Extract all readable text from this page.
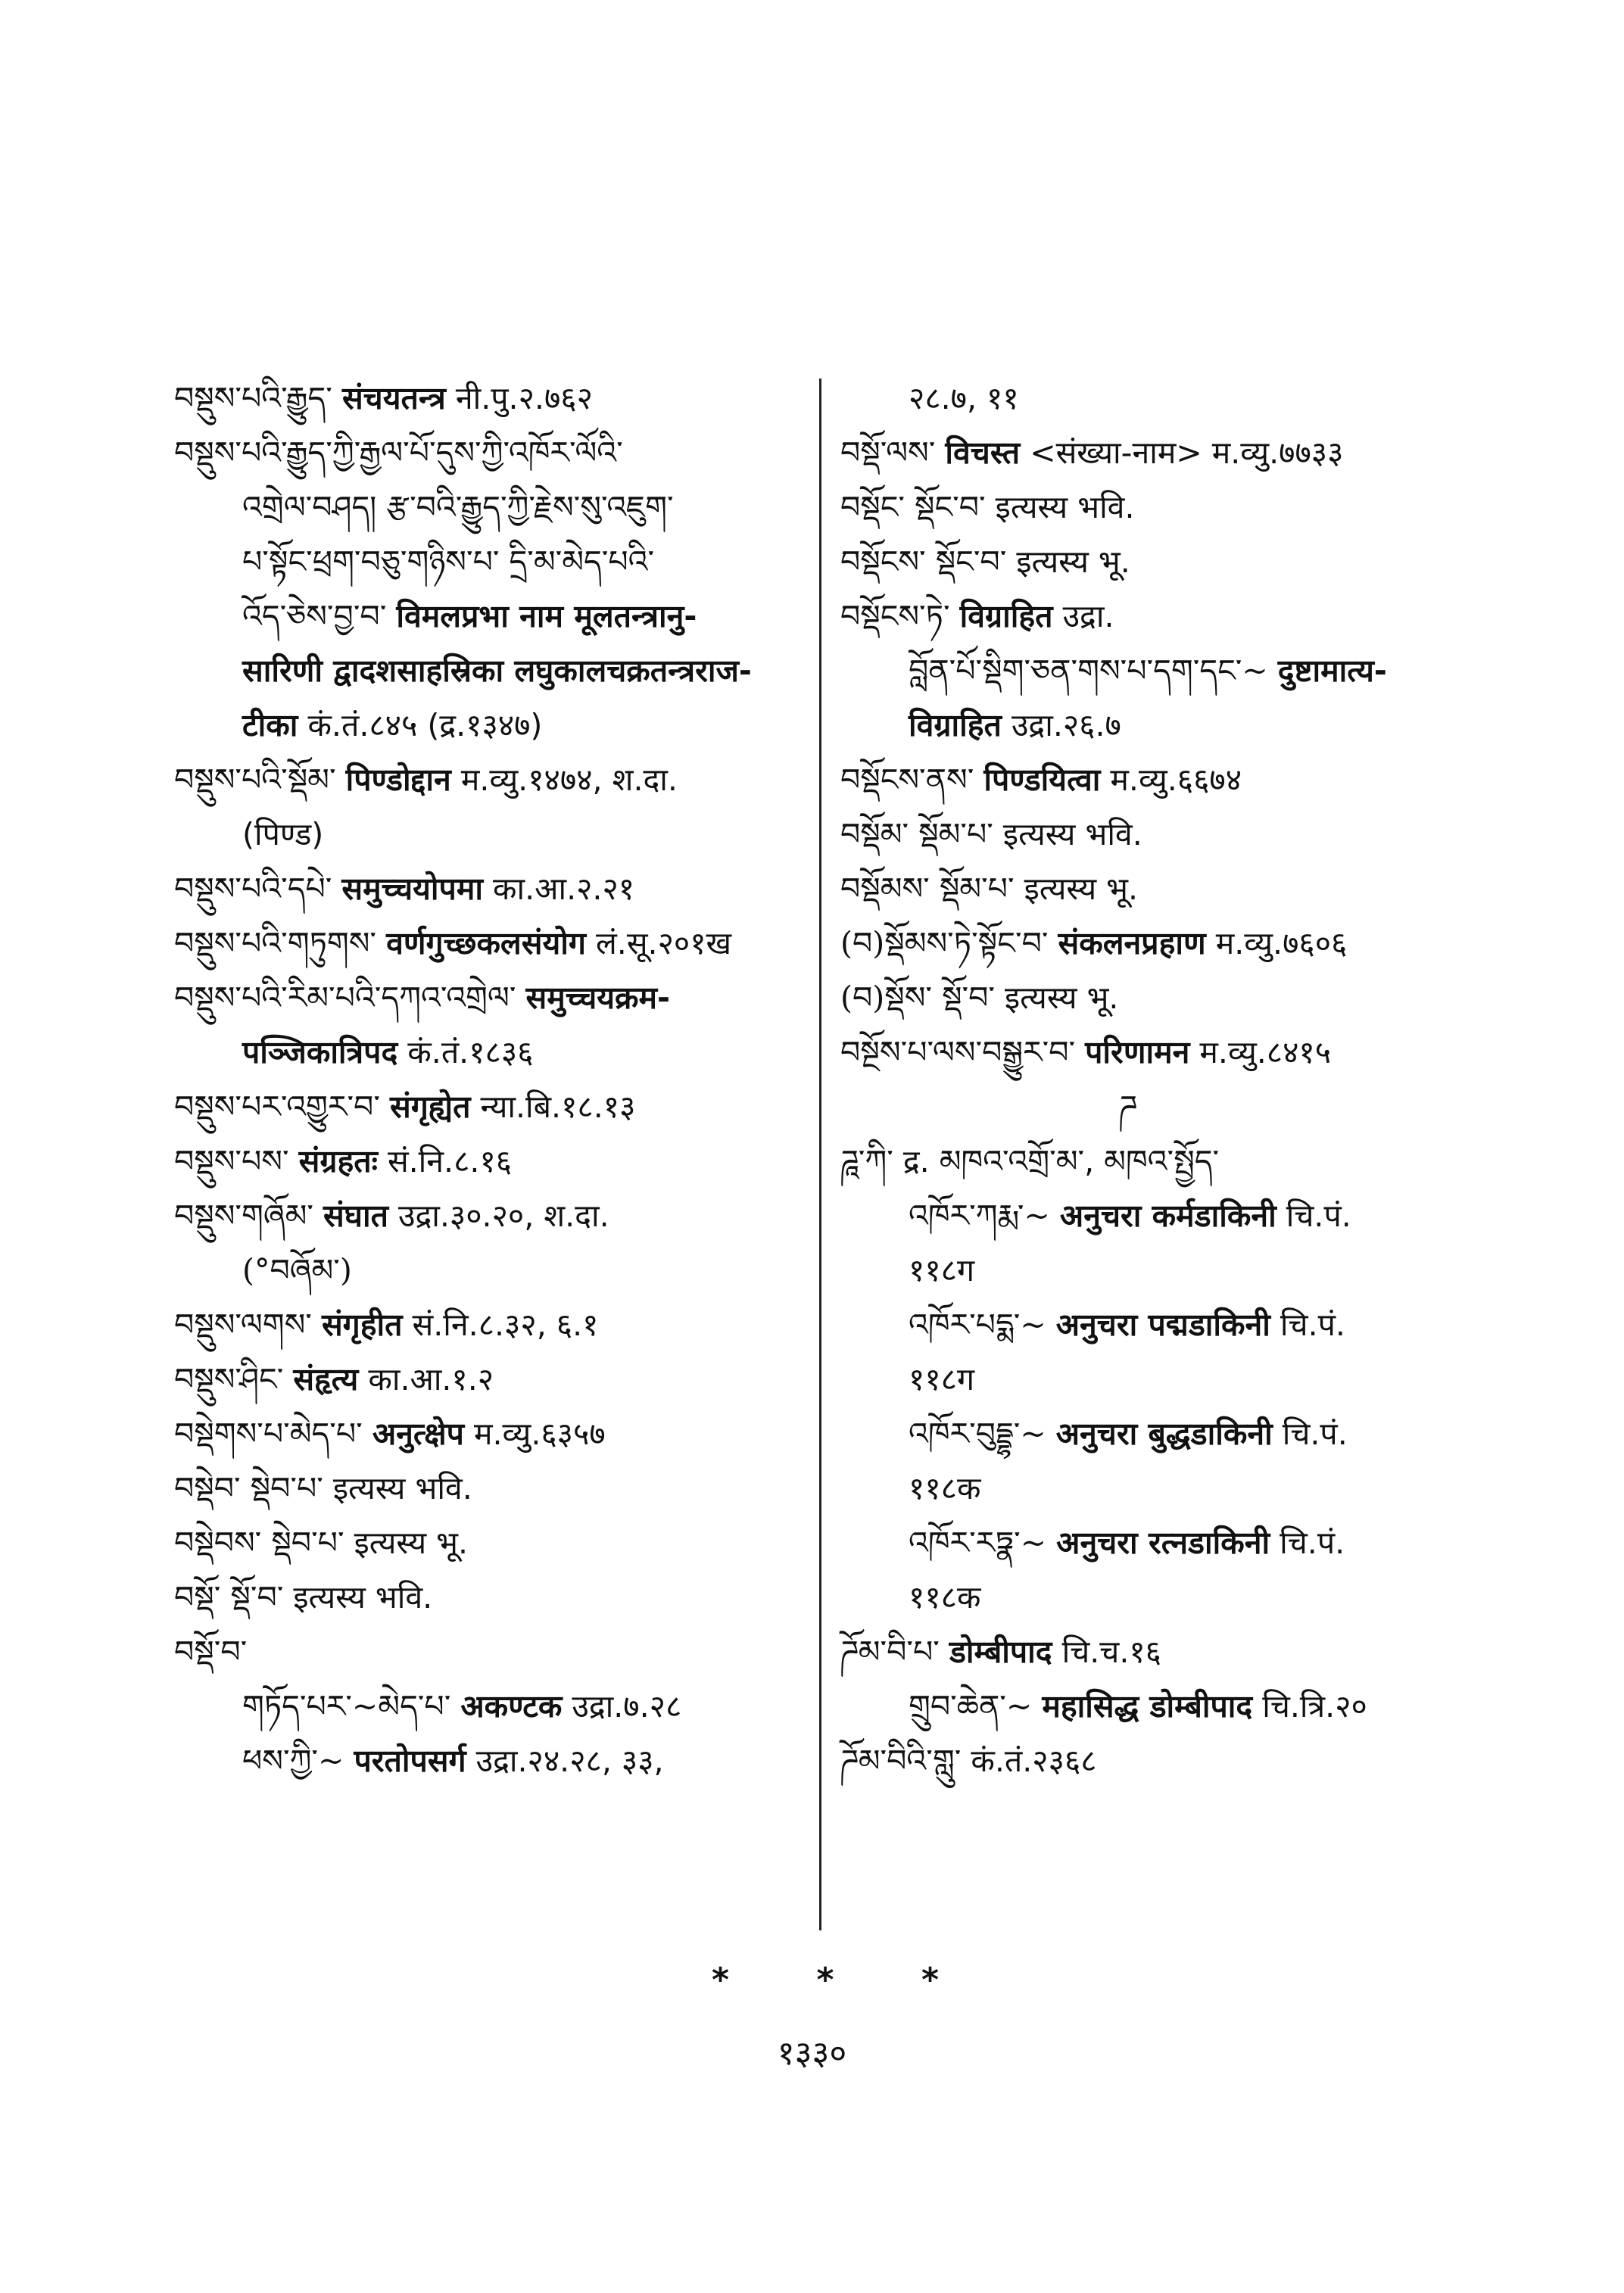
བསྡུས་པའི་རྒྱུད་ संचयतन्त्र नी.पु.२.७६२
བསྡུས་པའི་རྒྱུད་ཀྱི་རྒྱལ་པོ་དུས་ཀྱི་འཁོར་ལོའི་
འགྲེལ་བཤད། རྩ་བའི་རྒྱུད་ཀྱི་རྗེས་སུ་འཇུག་
པ་སྟོང་ཕྲག་བཅུ་གཉིས་པ་ དྲི་མ་མེད་པའི་
འོད་ཅེས་བྱ་བ་ विमलप्रभा नाम मूलतन्त्रानु-
सारिणी द्वादशसाहस्रिका लघुकालचक्रतन्त्रराज-
टीका कं.तं.८४५ (द्र.१३४७)
བསྡུས་པའི་སྡོམ་ पिण्डोद्दान म.व्यु.१४७४, श.दा.
(पिण्ड)
བསྡུས་པའི་དཔེ་ समुच्चयोपमा का.आ.२.२१
བསྡུས་པའི་གཏུགས་ वर्णगुच्छकलसंयोग लं.सू.२०१ख
བསྡུས་པའི་རིམ་པའི་དཀའ་འགྲེལ་ समुच्चयक्रम-
पञ्जिकात्रिपद कं.तं.१८३६
བསྡུས་པར་འགྱུར་བ་ संगृह्येत न्या.बि.१८.१३
བསྡུས་པས་ संग्रहतः सं.नि.८.१६
བསྡུས་གཞོམ་ संघात उद्रा.३०.२०, श.दा.
(°བཞོམ་)
བསྡུས་ལགས་ संगृहीत सं.नि.८.३२, ६.१
བསྡུས་ཤིང་ संहृत्य का.आ.१.२
བསྡེགས་པ་མེད་པ་ अनुत्क्षेप म.व्यु.६३५७
བསྡེབ་ སྡེབ་པ་ इत्यस्य भवि.
བསྡེབས་ སྡེབ་པ་ इत्यस्य भू.
བསྡོ་ སྡོ་བ་ इत्यस्य भवि.
བསྡོ་བ་
གཏོད་པར་~མེད་པ་ अकण्टक उद्रा.७.२८
ཕས་ཀྱི་~ परतोपसर्ग उद्रा.२४.२८, ३३,
२८.७, ११
བསྡོ་ལས་ विचस्त <संख्या-नाम> म.व्यु.७७३३
བསྡོང་ སྡོང་བ་ इत्यस्य भवि.
བསྡོངས་ སྡོང་བ་ इत्यस्य भू.
བསྡོངས་ཏེ་ विग्राहित उद्रा.
བློན་པོ་སྡིག་ཅན་གས་པ་དག་དང་~ दुष्टामात्य-
विग्राहित उद्रा.२६.७
བསྡོངས་ནས་ पिण्डयित्वा म.व्यु.६६७४
བསྡོམ་ སྡོམ་པ་ इत्यस्य भवि.
བསྡོམས་ སྡོམ་པ་ इत्यस्य भू.
(བ)སྡོམས་ཏེ་སྟོང་བ་ संकलनप्रहाण म.व्यु.७६०६
(བ)སྡོས་ སྡོ་བ་ इत्यस्य भू.
བསྔོས་པ་ལས་བསྒྱུར་བ་ परिणामन म.व्यु.८४१५
ཌ
ཌཱ་ཀི་ द्र. མཁའ་འགྲོ་མ་, མཁའ་སྤྱོད་
འཁོར་ཀརྨ་~ अनुचरा कर्मडाकिनी चि.पं.
११८ग
འཁོར་པདྨ་~ अनुचरा पद्मडाकिनी चि.पं.
११८ग
འཁོར་བུདྡྷ་~ अनुचरा बुद्धडाकिनी चि.पं.
११८क
འཁོར་རཏྣ་~ अनुचरा रत्नडाकिनी चि.पं.
११८क
ཌོམ་བི་པ་ डोम्बीपाद चि.च.१६
གྲུབ་ཆེན་~ महासिद्ध डोम्बीपाद चि.त्रि.२०
ཌོམ་བིའི་གླུ་ कं.तं.२३६८
*	*	*
१३३०
